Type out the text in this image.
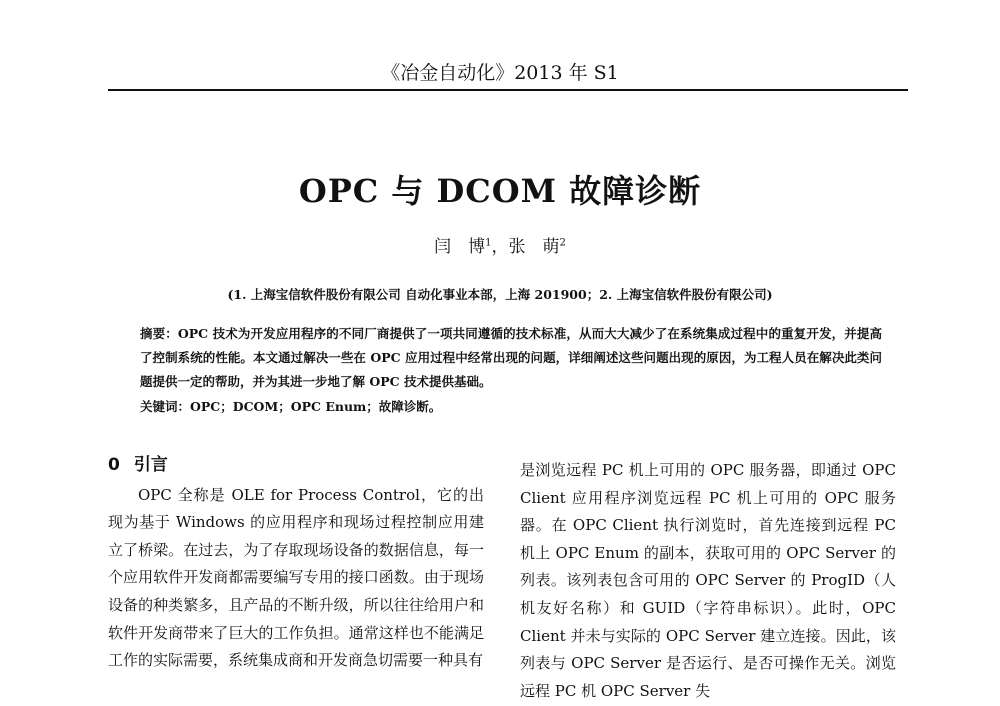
《冶金自动化》2013 年 S1
OPC 与 DCOM 故障诊断
闫　博$^1$，张　萌$^2$
(1. 上海宝信软件股份有限公司 自动化事业本部，上海 201900；2. 上海宝信软件股份有限公司)
摘要：OPC 技术为开发应用程序的不同厂商提供了一项共同遵循的技术标准，从而大大减少了在系统集成过程中的重复开发，并提高了控制系统的性能。本文通过解决一些在 OPC 应用过程中经常出现的问题，详细阐述这些问题出现的原因，为工程人员在解决此类问题提供一定的帮助，并为其进一步地了解 OPC 技术提供基础。
关键词：OPC；DCOM；OPC Enum；故障诊断。
0 引言

OPC 全称是 OLE for Process Control，它的出现为基于 Windows 的应用程序和现场过程控制应用建立了桥梁。在过去，为了存取现场设备的数据信息，每一个应用软件开发商都需要编写专用的接口函数。由于现场设备的种类繁多，且产品的不断升级，所以往往给用户和软件开发商带来了巨大的工作负担。通常这样也不能满足工作的实际需要，系统集成商和开发商急切需要一种具有

是浏览远程 PC 机上可用的 OPC 服务器，即通过 OPC Client 应用程序浏览远程 PC 机上可用的 OPC 服务器。在 OPC Client 执行浏览时，首先连接到远程 PC 机上 OPC Enum 的副本，获取可用的 OPC Server 的列表。该列表包含可用的 OPC Server 的 ProgID（人机友好名称）和 GUID（字符串标识）。此时，OPC Client 并未与实际的 OPC Server 建立连接。因此，该列表与 OPC Server 是否运行、是否可操作无关。浏览远程 PC 机 OPC Server 失
